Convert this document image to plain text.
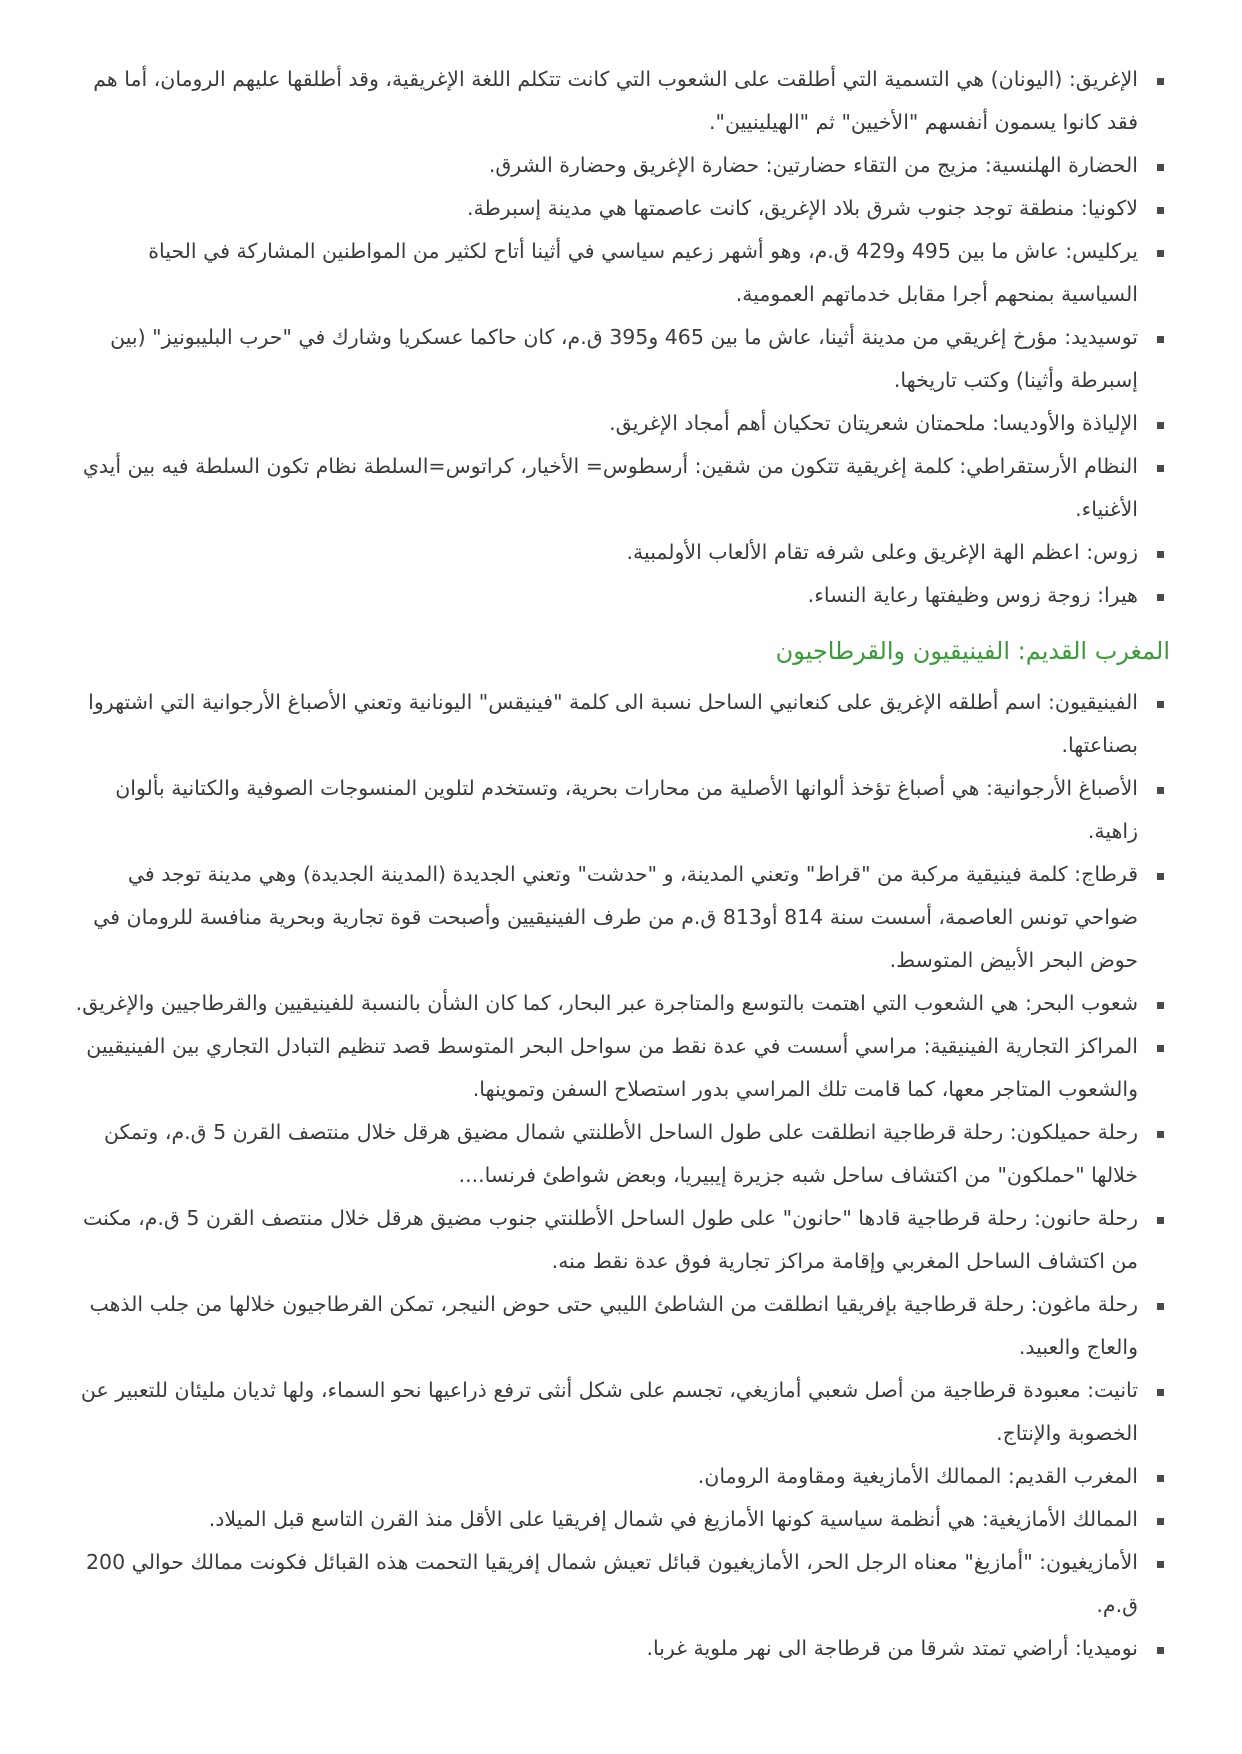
الإغريق: (اليونان) هي التسمية التي أطلقت على الشعوب التي كانت تتكلم اللغة الإغريقية، وقد أطلقها عليهم الرومان، أما هم فقد كانوا يسمون أنفسهم "الأخيين" ثم "الهيلينيين".
الحضارة الهلنسية: مزيج من التقاء حضارتين: حضارة الإغريق وحضارة الشرق.
لاكونيا: منطقة توجد جنوب شرق بلاد الإغريق، كانت عاصمتها هي مدينة إسبرطة.
يركليس: عاش ما بين 495 و429 ق.م، وهو أشهر زعيم سياسي في أثينا أتاح لكثير من المواطنين المشاركة في الحياة السياسية بمنحهم أجرا مقابل خدماتهم العمومية.
توسيديد: مؤرخ إغريقي من مدينة أثينا، عاش ما بين 465 و395 ق.م، كان حاكما عسكريا وشارك في "حرب البليبونيز" (بين إسبرطة وأثينا) وكتب تاريخها.
الإلياذة والأوديسا: ملحمتان شعريتان تحكيان أهم أمجاد الإغريق.
النظام الأرستقراطي: كلمة إغريقية تتكون من شقين: أرسطوس= الأخيار، كراتوس=السلطة نظام تكون السلطة فيه بين أيدي الأغنياء.
زوس: اعظم الهة الإغريق وعلى شرفه تقام الألعاب الأولمبية.
هيرا: زوجة زوس وظيفتها رعاية النساء.
المغرب القديم: الفينيقيون والقرطاجيون
الفينيقيون: اسم أطلقه الإغريق على كنعانيي الساحل نسبة الى كلمة "فينيقس" اليونانية وتعني الأصباغ الأرجوانية التي اشتهروا بصناعتها.
الأصباغ الأرجوانية: هي أصباغ تؤخذ ألوانها الأصلية من محارات بحرية، وتستخدم لتلوين المنسوجات الصوفية والكتانية بألوان زاهية.
قرطاج: كلمة فينيقية مركبة من "قراط" وتعني المدينة، و "حدشت" وتعني الجديدة (المدينة الجديدة) وهي مدينة توجد في ضواحي تونس العاصمة، أسست سنة 814 أو813 ق.م من طرف الفينيقيين وأصبحت قوة تجارية وبحرية منافسة للرومان في حوض البحر الأبيض المتوسط.
شعوب البحر: هي الشعوب التي اهتمت بالتوسع والمتاجرة عبر البحار، كما كان الشأن بالنسبة للفينيقيين والقرطاجيين والإغريق.
المراكز التجارية الفينيقية: مراسي أسست في عدة نقط من سواحل البحر المتوسط قصد تنظيم التبادل التجاري بين الفينيقيين والشعوب المتاجر معها، كما قامت تلك المراسي بدور استصلاح السفن وتموينها.
رحلة حميلكون: رحلة قرطاجية انطلقت على طول الساحل الأطلنتي شمال مضيق هرقل خلال منتصف القرن 5 ق.م، وتمكن خلالها "حملكون" من اكتشاف ساحل شبه جزيرة إيبيريا، وبعض شواطئ فرنسا....
رحلة حانون: رحلة قرطاجية قادها "حانون" على طول الساحل الأطلنتي جنوب مضيق هرقل خلال منتصف القرن 5 ق.م، مكنت من اكتشاف الساحل المغربي وإقامة مراكز تجارية فوق عدة نقط منه.
رحلة ماغون: رحلة قرطاجية بإفريقيا انطلقت من الشاطئ الليبي حتى حوض النيجر، تمكن القرطاجيون خلالها من جلب الذهب والعاج والعبيد.
تانيت: معبودة قرطاجية من أصل شعبي أمازيغي، تجسم على شكل أنثى ترفع ذراعيها نحو السماء، ولها ثديان مليئان للتعبير عن الخصوبة والإنتاج.
المغرب القديم: الممالك الأمازيغية ومقاومة الرومان.
الممالك الأمازيغية: هي أنظمة سياسية كونها الأمازيغ في شمال إفريقيا على الأقل منذ القرن التاسع قبل الميلاد.
الأمازيغيون: "أمازيغ" معناه الرجل الحر، الأمازيغيون قبائل تعيش شمال إفريقيا التحمت هذه القبائل فكونت ممالك حوالي 200 ق.م.
نوميديا: أراضي تمتد شرقا من قرطاجة الى نهر ملوية غربا.
